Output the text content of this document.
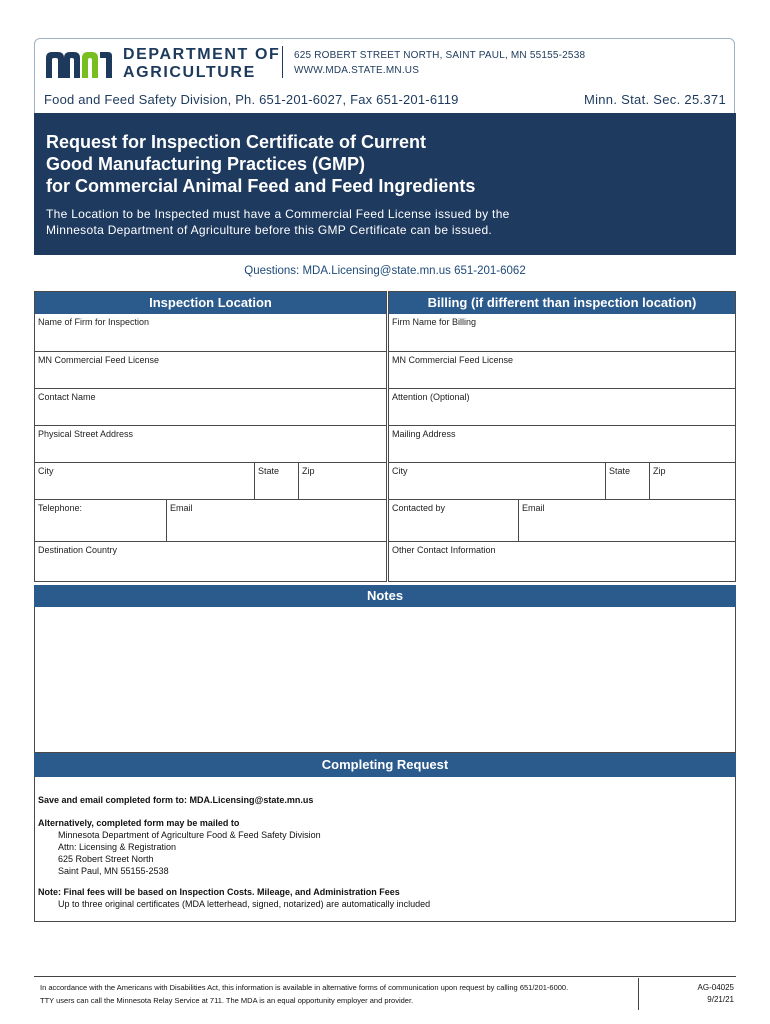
DEPARTMENT OF
AGRICULTURE
625 ROBERT STREET NORTH, SAINT PAUL, MN 55155-2538
WWW.MDA.STATE.MN.US
Food and Feed Safety Division, Ph. 651-201-6027, Fax 651-201-6119	Minn. Stat. Sec. 25.371
Request for Inspection Certificate of Current
Good Manufacturing Practices (GMP)
for Commercial Animal Feed and Feed Ingredients
The Location to be Inspected must have a Commercial Feed License issued by the
Minnesota Department of Agriculture before this GMP Certificate can be issued.
Questions: MDA.Licensing@state.mn.us 651-201-6062
Inspection Location
Name of Firm for Inspection
MN Commercial Feed License
Contact Name
Physical Street Address
City	State	Zip
Telephone:	Email
Destination Country
Billing (if different than inspection location)
Firm Name for Billing
MN Commercial Feed License
Attention (Optional)
Mailing Address
City	State	Zip
Contacted by	Email
Other Contact Information
Notes
Completing Request
Save and email completed form to: MDA.Licensing@state.mn.us
Alternatively, completed form may be mailed to
Minnesota Department of Agriculture Food & Feed Safety Division
Attn: Licensing & Registration
625 Robert Street North
Saint Paul, MN 55155-2538
Note: Final fees will be based on Inspection Costs. Mileage, and Administration Fees
Up to three original certificates (MDA letterhead, signed, notarized) are automatically included
In accordance with the Americans with Disabilities Act, this information is available in alternative forms of communication upon request by calling 651/201-6000.
TTY users can call the Minnesota Relay Service at 711. The MDA is an equal opportunity employer and provider.
AG-04025
9/21/21
